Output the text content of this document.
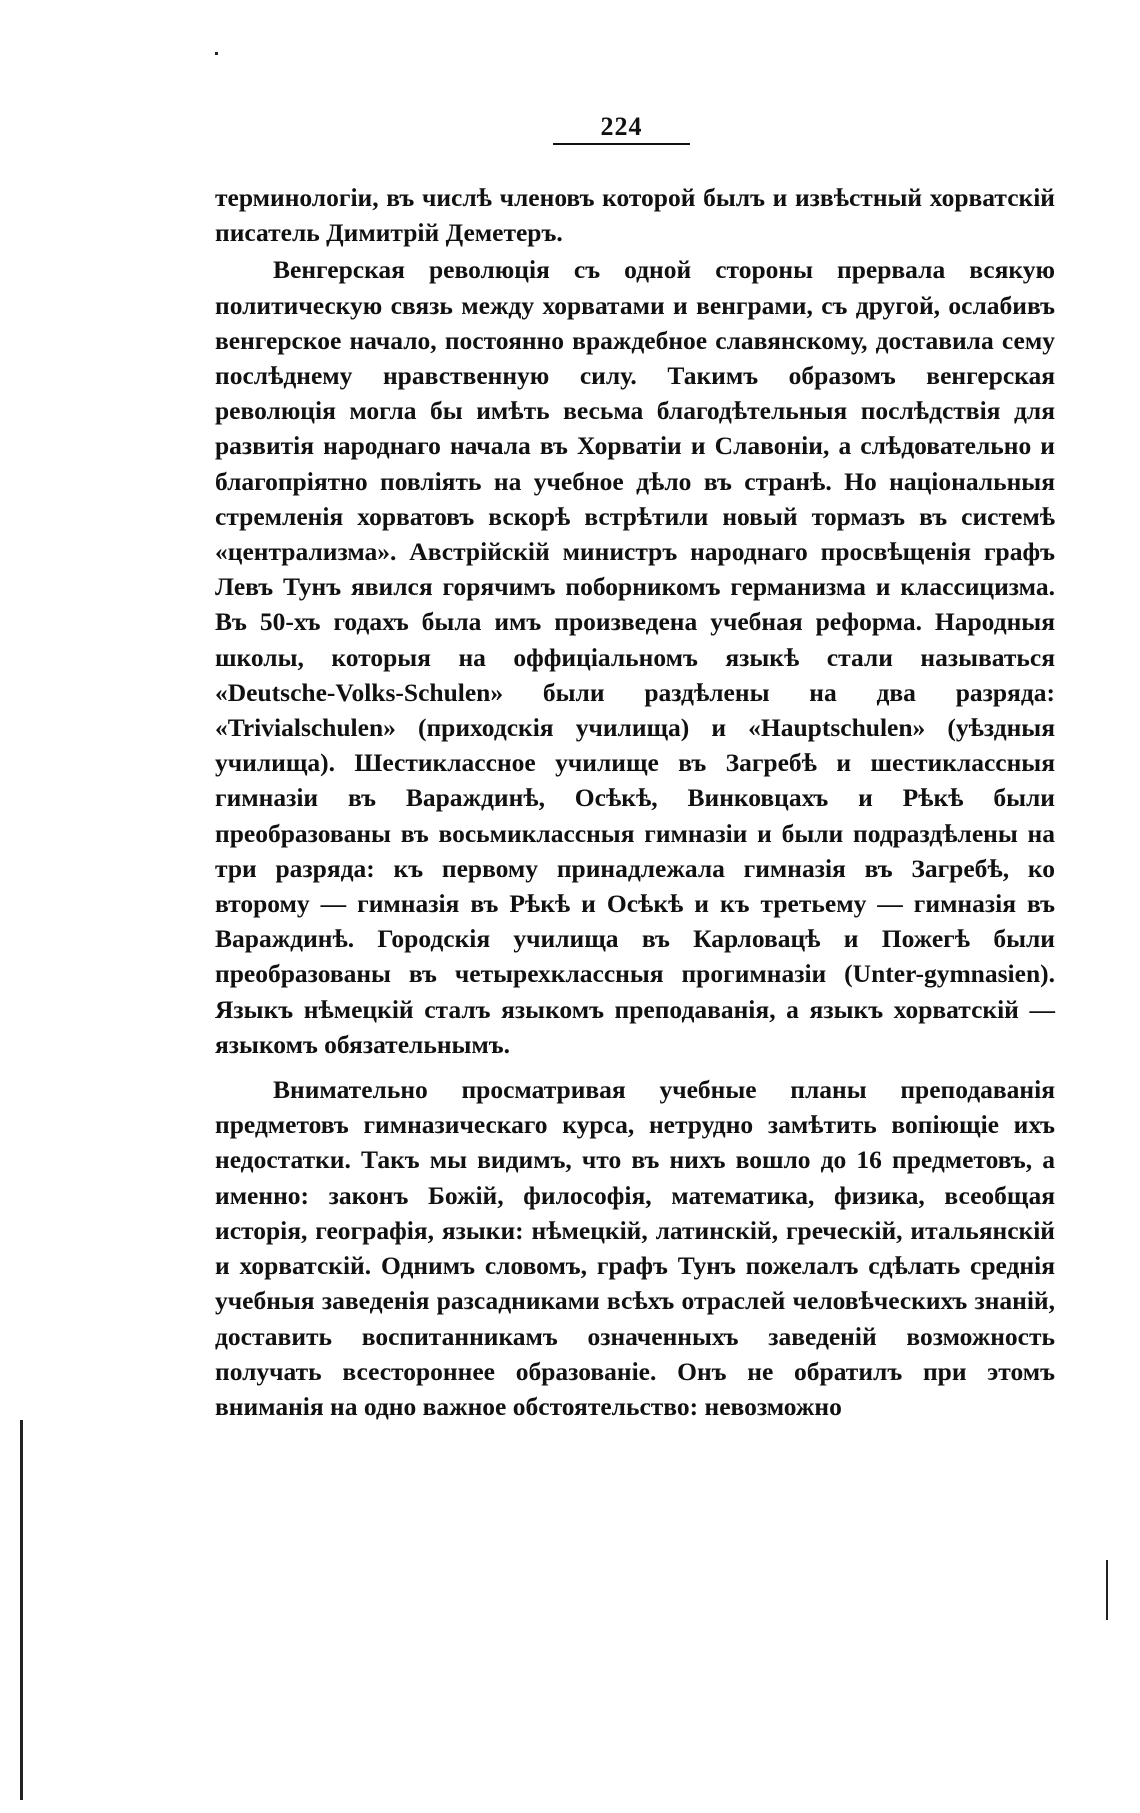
224

терминологіи, въ числѣ членовъ которой былъ и извѣстный хорватскій писатель Димитрій Деметеръ.

Венгерская революція съ одной стороны прервала всякую политическую связь между хорватами и венграми, съ другой, ослабивъ венгерское начало, постоянно враждебное славянскому, доставила сему послѣднему нравственную силу. Такимъ образомъ венгерская революція могла бы имѣть весьма благодѣтельныя послѣдствія для развитія народнаго начала въ Хорватіи и Славоніи, а слѣдовательно и благопріятно повліять на учебное дѣло въ странѣ. Но національныя стремленія хорватовъ вскорѣ встрѣтили новый тормазъ въ системѣ «централизма». Австрійскій министръ народнаго просвѣщенія графъ Левъ Тунъ явился горячимъ поборникомъ германизма и классицизма. Въ 50-хъ годахъ была имъ произведена учебная реформа. Народныя школы, которыя на оффиціальномъ языкѣ стали называться «Deutsche-Volks-Schulen» были раздѣлены на два разряда: «Trivialschulen» (приходскія училища) и «Hauptschulen» (уѣздныя училища). Шестиклассное училище въ Загребѣ и шестиклассныя гимназіи въ Вараждинѣ, Осѣкѣ, Винковцахъ и Рѣкѣ были преобразованы въ восьмиклассныя гимназіи и были подраздѣлены на три разряда: къ первому принадлежала гимназія въ Загребѣ, ко второму — гимназія въ Рѣкѣ и Осѣкѣ и къ третьему — гимназія въ Вараждинѣ. Городскія училища въ Карловацѣ и Пожегѣ были преобразованы въ четырехклассныя прогимназіи (Unter-gymnasien). Языкъ нѣмецкій сталъ языкомъ преподаванія, а языкъ хорватскій — языкомъ обязательнымъ.

Внимательно просматривая учебные планы преподаванія предметовъ гимназическаго курса, нетрудно замѣтить вопіющіе ихъ недостатки. Такъ мы видимъ, что въ нихъ вошло до 16 предметовъ, а именно: законъ Божій, философія, математика, физика, всеобщая исторія, географія, языки: нѣмецкій, латинскій, греческій, итальянскій и хорватскій. Однимъ словомъ, графъ Тунъ пожелалъ сдѣлать среднія учебныя заведенія разсадниками всѣхъ отраслей человѣческихъ знаній, доставить воспитанникамъ означенныхъ заведеній возможность получать всестороннее образованіе. Онъ не обратилъ при этомъ вниманія на одно важное обстоятельство: невозможно
